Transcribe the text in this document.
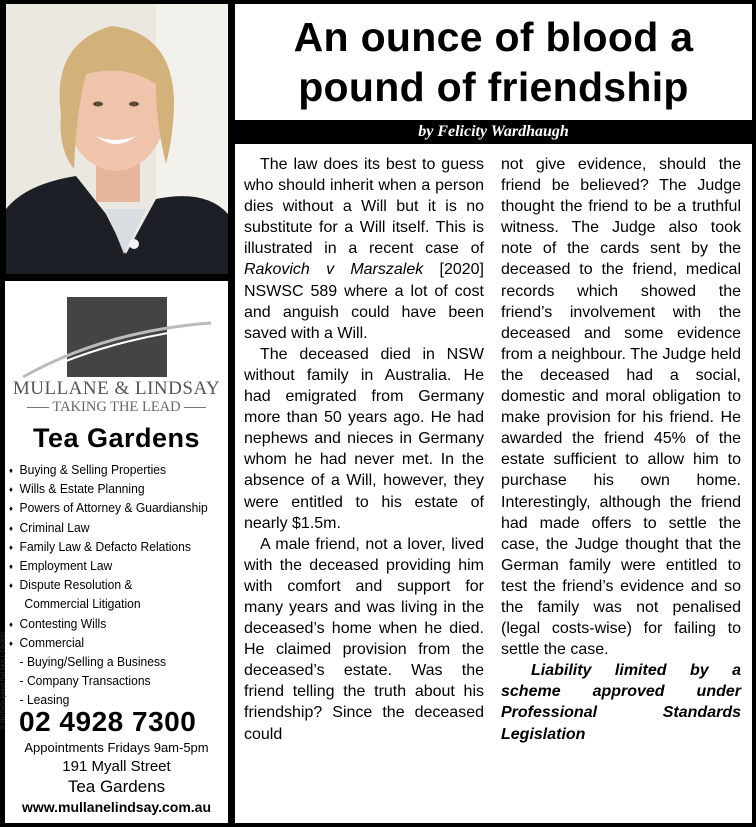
MULLANE & LINDSAY
TAKING THE LEAD
Tea Gardens
♦ Buying & Selling Properties
♦ Wills & Estate Planning
♦ Powers of Attorney & Guardianship
♦ Criminal Law
♦ Family Law & Defacto Relations
♦ Employment Law
♦ Dispute Resolution &
Commercial Litigation
♦ Contesting Wills
♦ Commercial
- Buying/Selling a Business
- Company Transactions
- Leasing
02 4928 7300
Appointments Fridays 9am-5pm
191 Myall Street
Tea Gardens
www.mullanelindsay.com.au
© NOTAGraphics Ref MULL D90620
An ounce of blood a pound of friendship
by Felicity Wardhaugh

The law does its best to guess who should inherit when a person dies without a Will but it is no substitute for a Will itself. This is illustrated in a recent case of Rakovich v Marszalek [2020] NSWSC 589 where a lot of cost and anguish could have been saved with a Will.

The deceased died in NSW without family in Australia. He had emigrated from Germany more than 50 years ago. He had nephews and nieces in Germany whom he had never met. In the absence of a Will, however, they were entitled to his estate of nearly $1.5m.

A male friend, not a lover, lived with the deceased providing him with comfort and support for many years and was living in the deceased’s home when he died. He claimed provision from the deceased’s estate. Was the friend telling the truth about his friendship? Since the deceased could

not give evidence, should the friend be believed? The Judge thought the friend to be a truthful witness. The Judge also took note of the cards sent by the deceased to the friend, medical records which showed the friend’s involvement with the deceased and some evidence from a neighbour. The Judge held the deceased had a social, domestic and moral obligation to make provision for his friend. He awarded the friend 45% of the estate sufficient to allow him to purchase his own home. Interestingly, although the friend had made offers to settle the case, the Judge thought that the German family were entitled to test the friend’s evidence and so the family was not penalised (legal costs-wise) for failing to settle the case.

Liability limited by a scheme approved under Professional Standards Legislation
